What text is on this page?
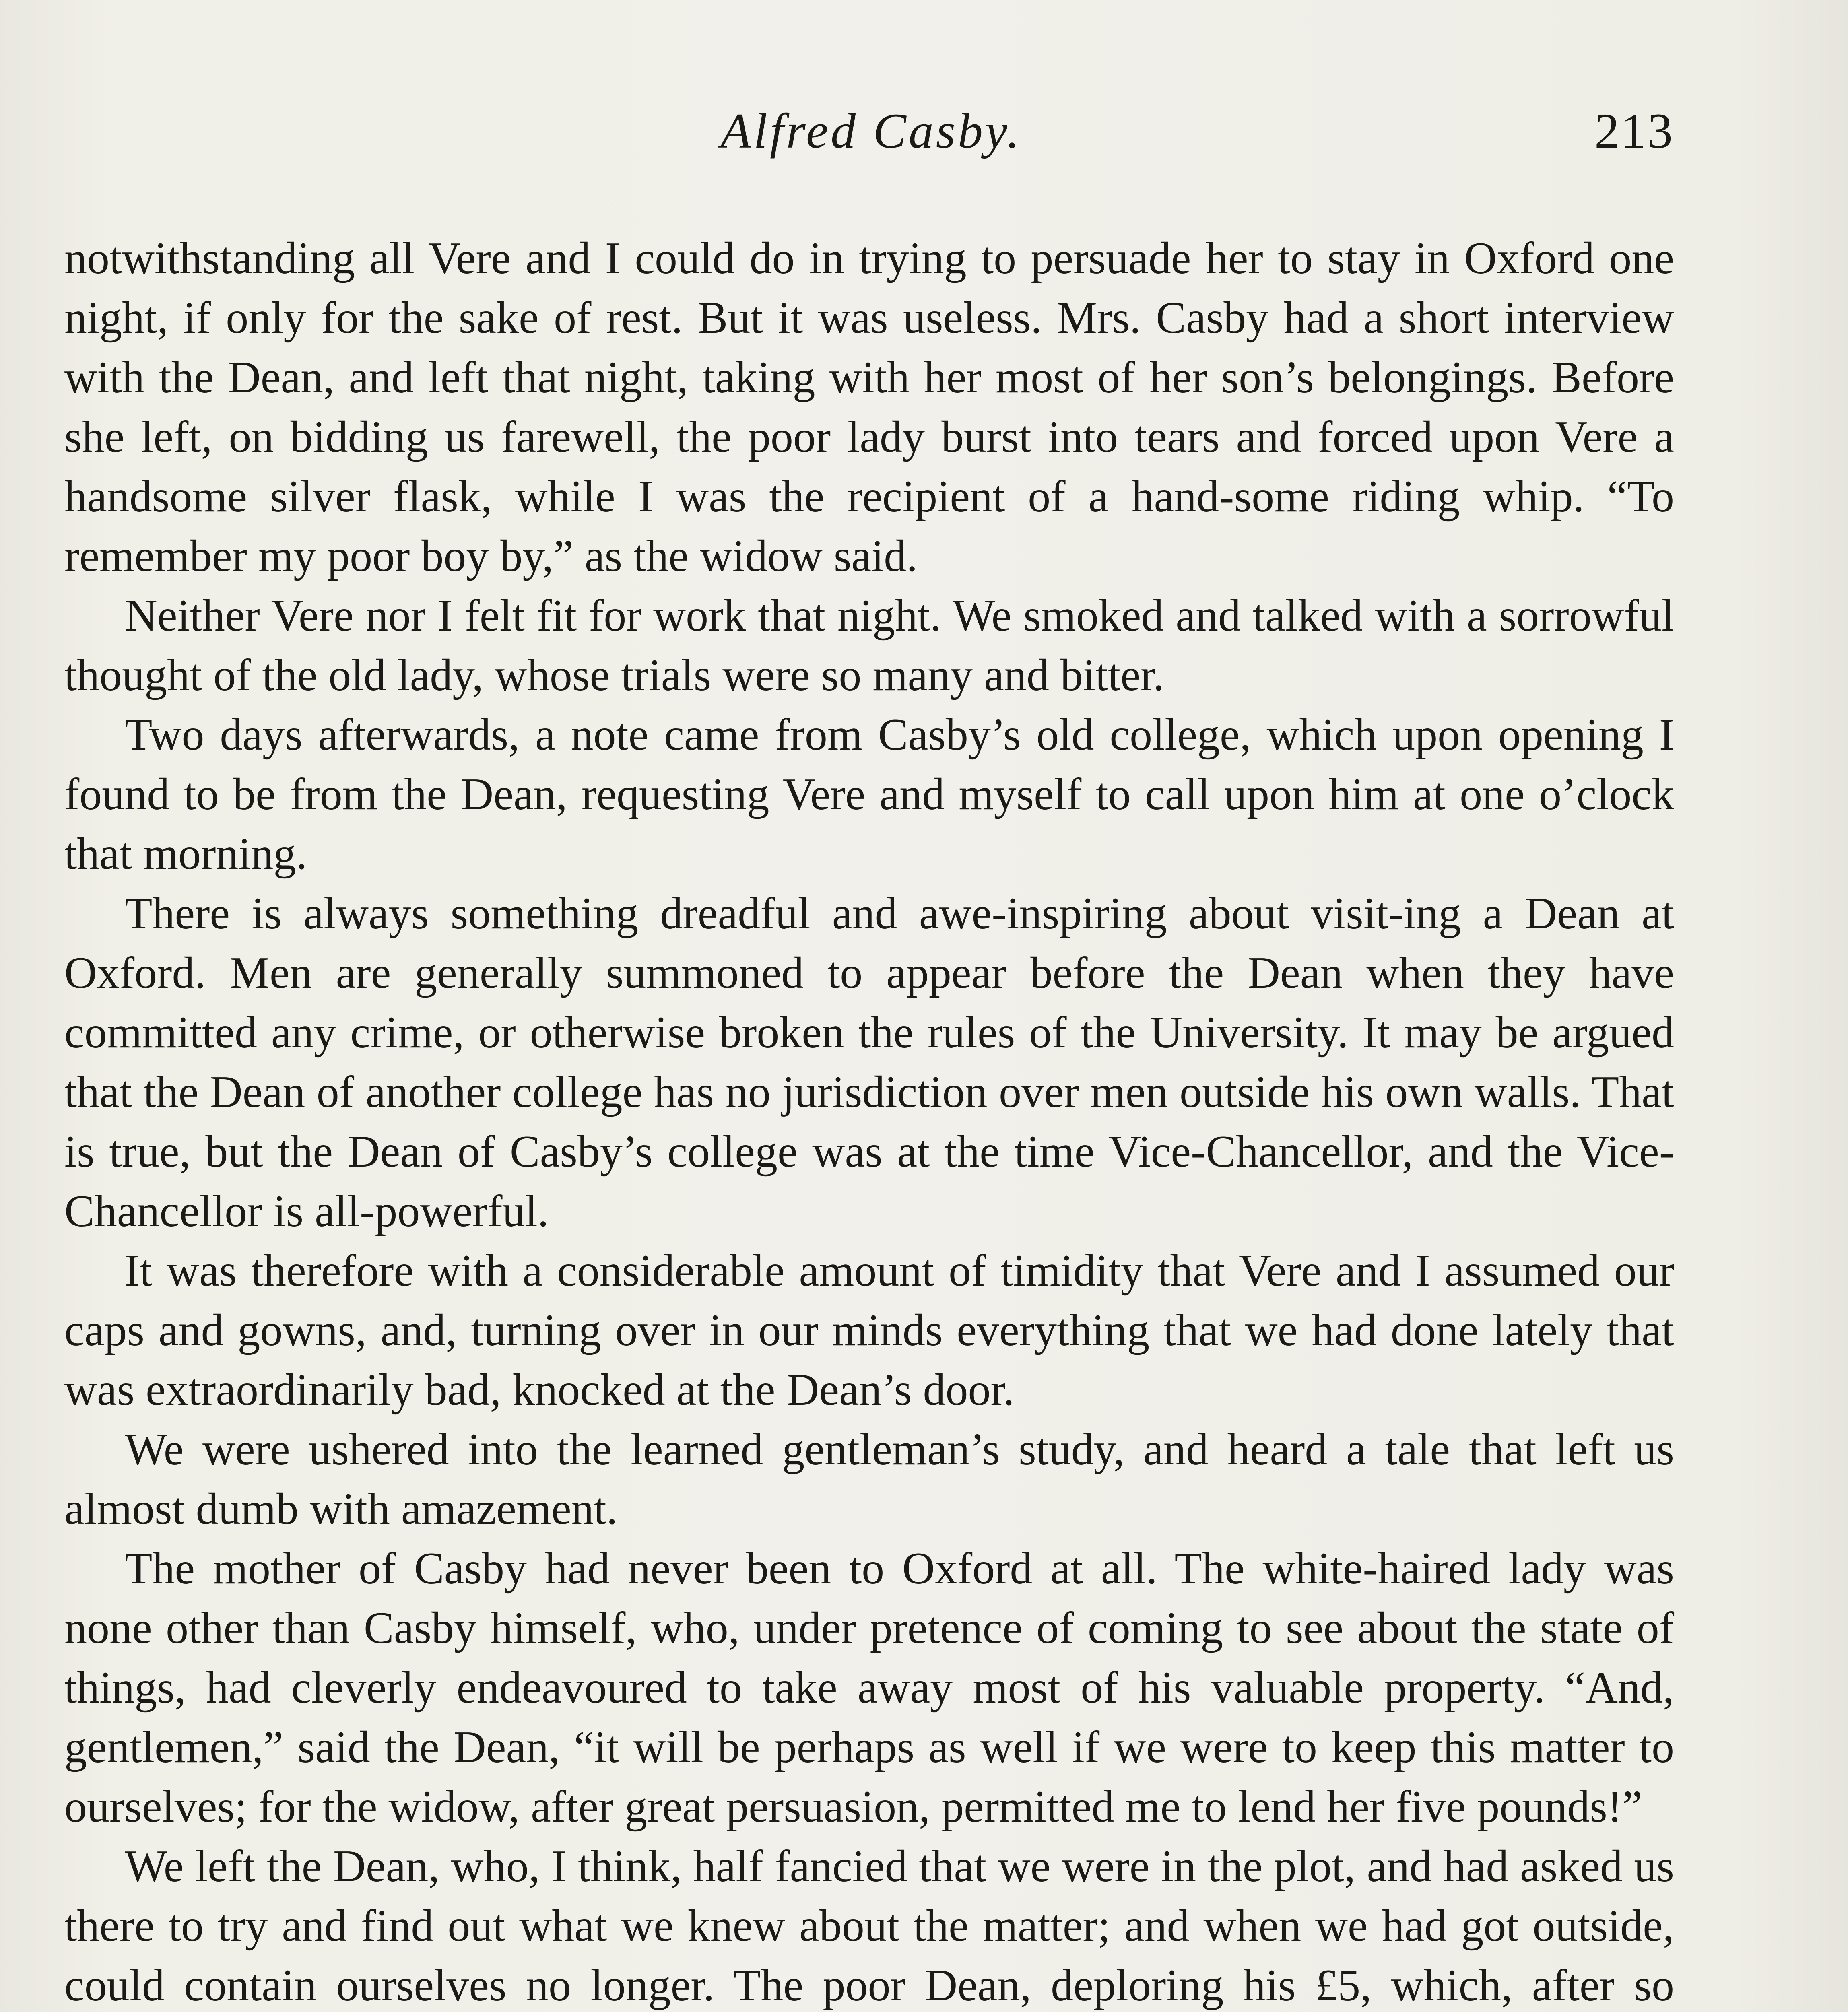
Alfred Casby.	213

notwithstanding all Vere and I could do in trying to persuade her to stay in Oxford one night, if only for the sake of rest. But it was useless. Mrs. Casby had a short interview with the Dean, and left that night, taking with her most of her son’s belongings. Before she left, on bidding us farewell, the poor lady burst into tears and forced upon Vere a handsome silver flask, while I was the recipient of a hand-some riding whip. “To remember my poor boy by,” as the widow said.

Neither Vere nor I felt fit for work that night. We smoked and talked with a sorrowful thought of the old lady, whose trials were so many and bitter.

Two days afterwards, a note came from Casby’s old college, which upon opening I found to be from the Dean, requesting Vere and myself to call upon him at one o’clock that morning.

There is always something dreadful and awe-inspiring about visit-ing a Dean at Oxford. Men are generally summoned to appear before the Dean when they have committed any crime, or otherwise broken the rules of the University. It may be argued that the Dean of another college has no jurisdiction over men outside his own walls. That is true, but the Dean of Casby’s college was at the time Vice-Chancellor, and the Vice-Chancellor is all-powerful.

It was therefore with a considerable amount of timidity that Vere and I assumed our caps and gowns, and, turning over in our minds everything that we had done lately that was extraordinarily bad, knocked at the Dean’s door.

We were ushered into the learned gentleman’s study, and heard a tale that left us almost dumb with amazement.

The mother of Casby had never been to Oxford at all. The white-haired lady was none other than Casby himself, who, under pretence of coming to see about the state of things, had cleverly endeavoured to take away most of his valuable property. “And, gentlemen,” said the Dean, “it will be perhaps as well if we were to keep this matter to ourselves; for the widow, after great persuasion, permitted me to lend her five pounds!”

We left the Dean, who, I think, half fancied that we were in the plot, and had asked us there to try and find out what we knew about the matter; and when we had got outside, could contain ourselves no longer. The poor Dean, deploring his £5, which, after so
